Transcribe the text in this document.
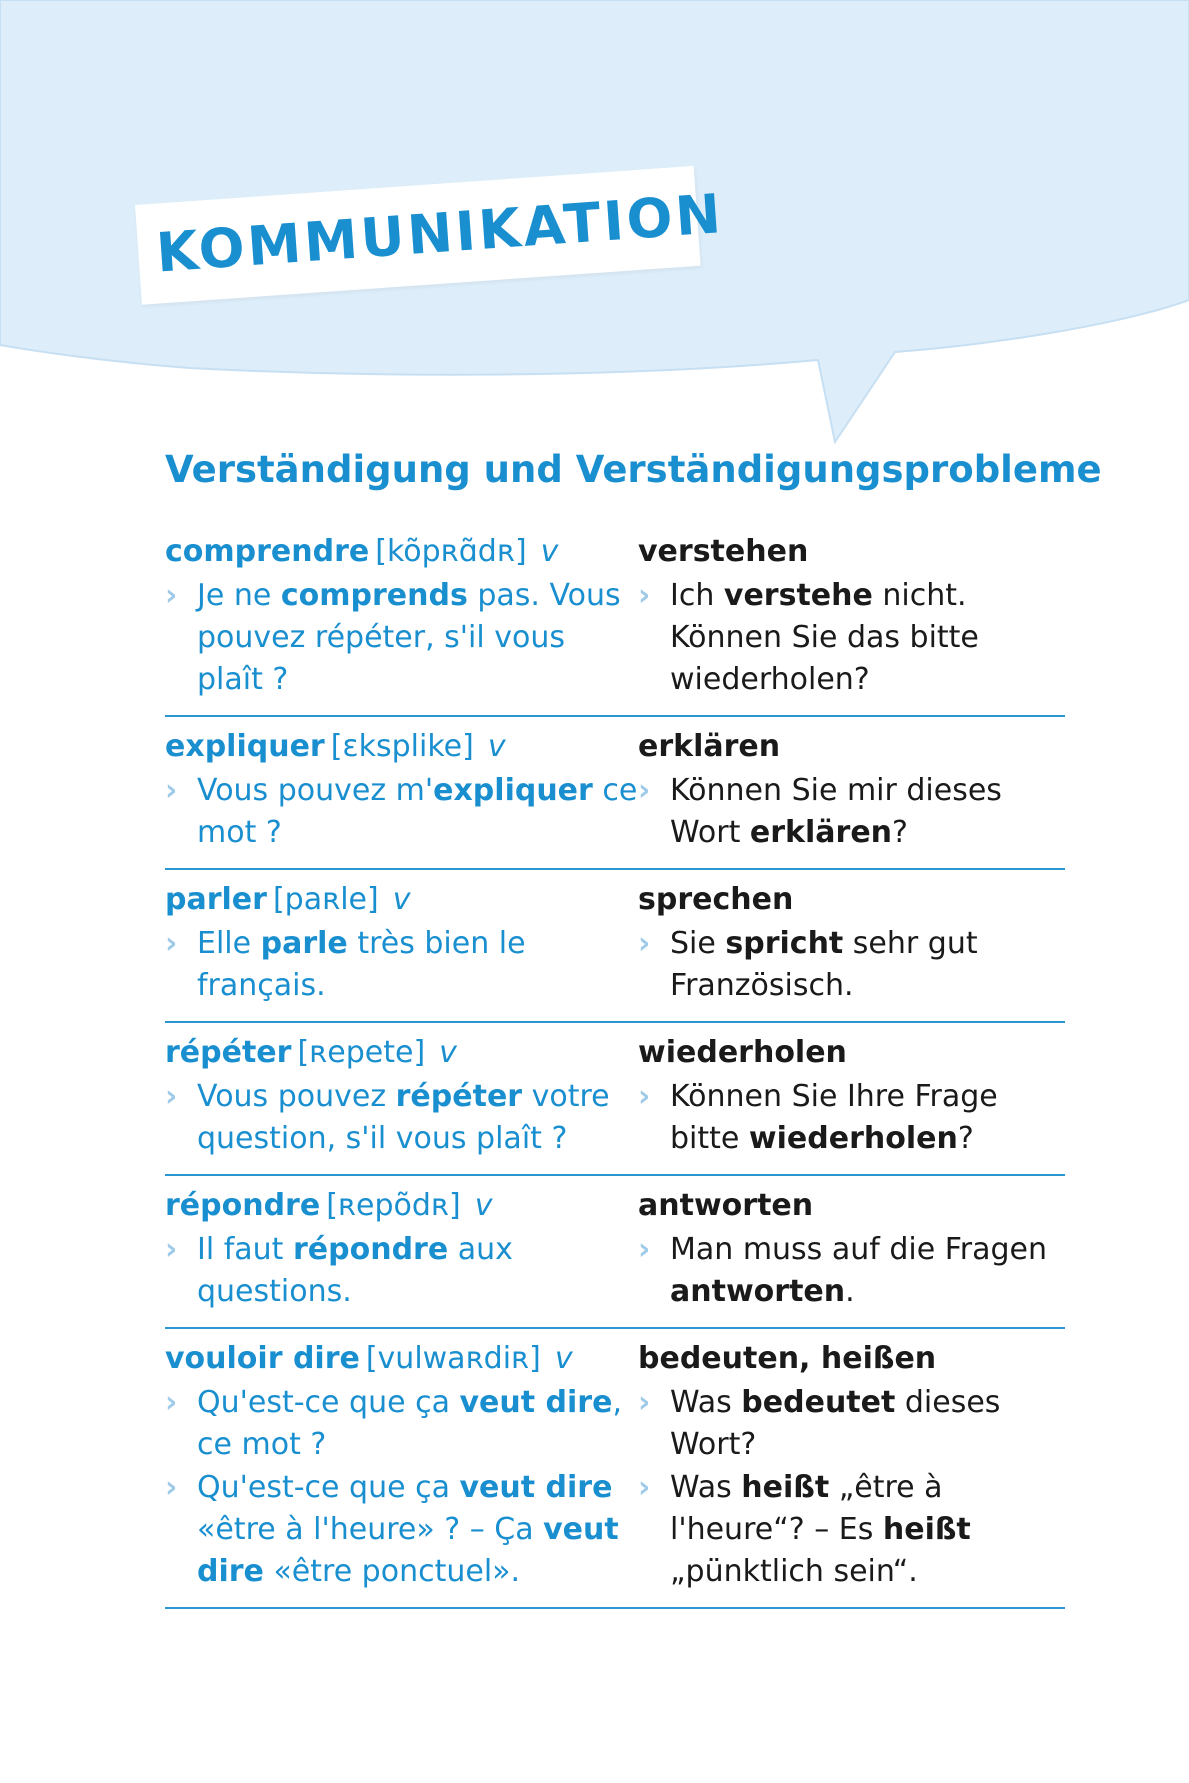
KOMMUNIKATION
Verständigung und Verständigungsprobleme
comprendre [kõpʀɑ̃dʀ] v
› Je ne comprends pas. Vous pouvez répéter, s'il vous plaît ?
verstehen
› Ich verstehe nicht. Können Sie das bitte wiederholen?
expliquer [ɛksplike] v
› Vous pouvez m'expliquer ce mot ?
erklären
› Können Sie mir dieses Wort erklären?
parler [paʀle] v
› Elle parle très bien le français.
sprechen
› Sie spricht sehr gut Französisch.
répéter [ʀepete] v
› Vous pouvez répéter votre question, s'il vous plaît ?
wiederholen
› Können Sie Ihre Frage bitte wiederholen?
répondre [ʀepõdʀ] v
› Il faut répondre aux questions.
antworten
› Man muss auf die Fragen antworten.
vouloir dire [vulwaʀdiʀ] v
› Qu'est-ce que ça veut dire, ce mot ?
› Qu'est-ce que ça veut dire «être à l'heure» ? – Ça veut dire «être ponctuel».
bedeuten, heißen
› Was bedeutet dieses Wort?
› Was heißt „être à l'heure“? – Es heißt „pünktlich sein“.
